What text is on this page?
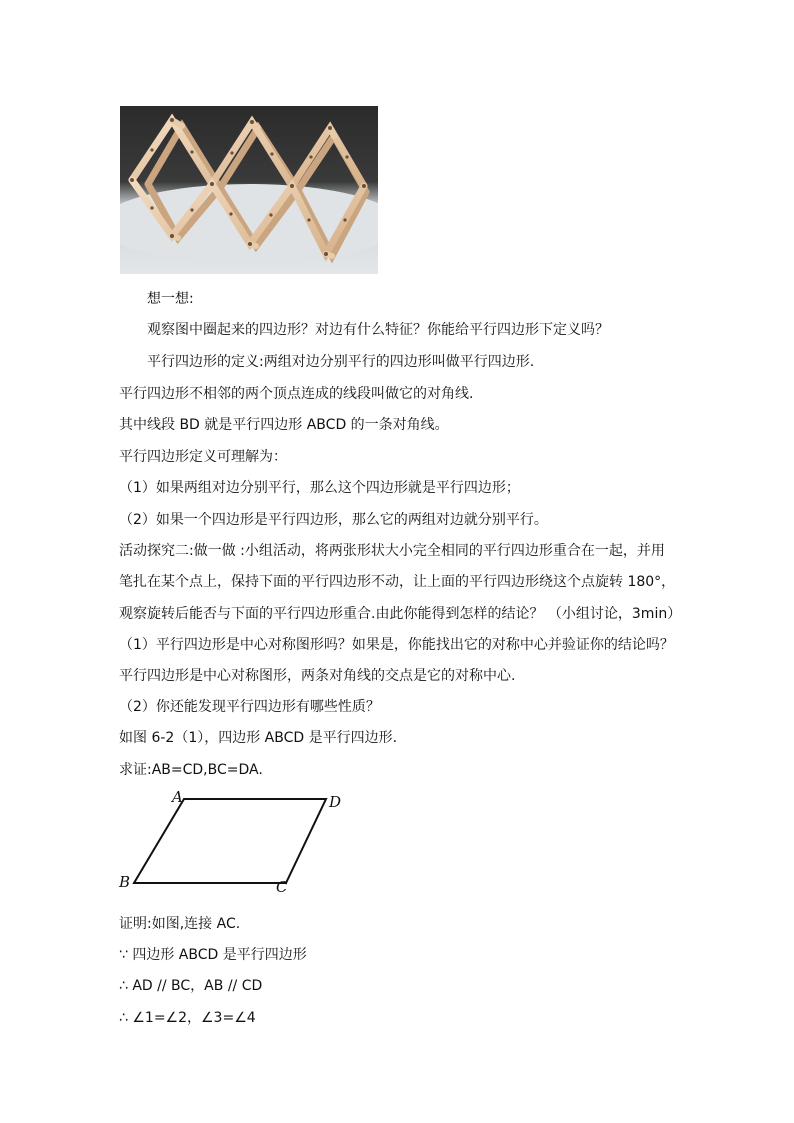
想一想:
观察图中圈起来的四边形？对边有什么特征？你能给平行四边形下定义吗？
平行四边形的定义:两组对边分别平行的四边形叫做平行四边形.
平行四边形不相邻的两个顶点连成的线段叫做它的对角线.
其中线段 BD 就是平行四边形 ABCD 的一条对角线。
平行四边形定义可理解为：
（1）如果两组对边分别平行，那么这个四边形就是平行四边形；
（2）如果一个四边形是平行四边形，那么它的两组对边就分别平行。
活动探究二:做一做 :小组活动，将两张形状大小完全相同的平行四边形重合在一起，并用
笔扎在某个点上，保持下面的平行四边形不动，让上面的平行四边形绕这个点旋转 180°，
观察旋转后能否与下面的平行四边形重合.由此你能得到怎样的结论？ （小组讨论，3min）
（1）平行四边形是中心对称图形吗？如果是，你能找出它的对称中心并验证你的结论吗？
平行四边形是中心对称图形，两条对角线的交点是它的对称中心.
（2）你还能发现平行四边形有哪些性质？
如图 6-2（1），四边形 ABCD 是平行四边形.
求证:AB=CD,BC=DA.
A	D
B	C
证明:如图,连接 AC.
∵ 四边形 ABCD 是平行四边形
∴ AD // BC，AB // CD
∴ ∠1=∠2，∠3=∠4
